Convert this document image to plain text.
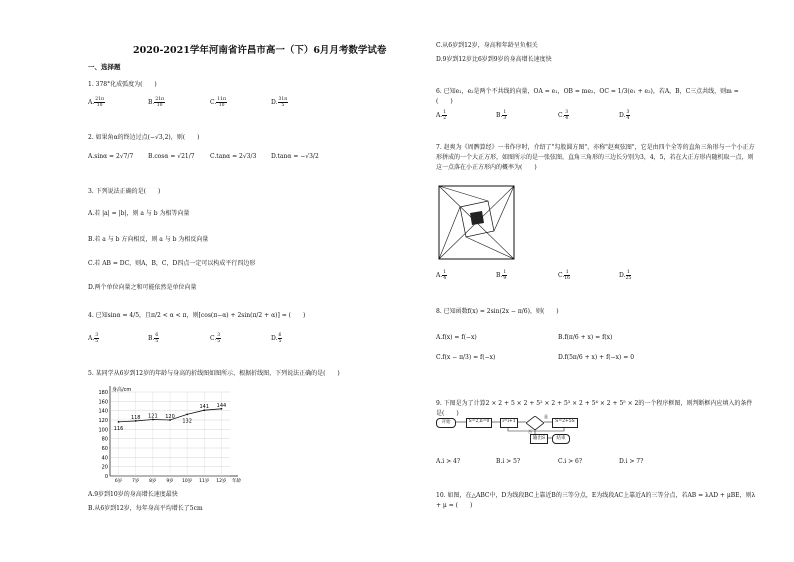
2020-2021学年河南省许昌市高一（下）6月月考数学试卷
一、选择题
1. 378°化成弧度为(　　)
A. $\frac{21\pi}{10}$	B. $\frac{21\pi}{10}$	C. $\frac{11\pi}{10}$	D. $\frac{31\pi}{5}$
2. 如果角α的终边过点(−√3,2)，则(　　)
A.sinα = 2√7/7 B.cosα = √21/7	C.tanα = 2√3/3 D.tanα = −√3/2
3. 下列说法正确的是(　　)
A.若 |a| = |b|，则 a 与 b 为相等向量
B.若 a 与 b 方向相反，则 a 与 b 为相反向量
C.若 AB = DC，则A，B，C，D四点一定可以构成平行四边形
D.两个单位向量之和可能依然是单位向量
4. 已知sinα = 4/5，且π/2 < α < π，则[cos(π−α) + 2sin(π/2 + α)] = (　　)
A. $\frac{3}{5}$	B. $\frac{6}{5}$	C. $\frac{3}{5}$	D. $\frac{6}{5}$
5. 某同学从6岁到12岁的年龄与身高的折线图如图所示，根据折线图，下列说法正确的是(　　)
0
20
40
60
80
100
120
140
160
180
6岁 7岁 8岁 9岁 10岁 11岁 12岁
身高/cm
年龄
116
118 121 120
132
141 144
A.9岁到10岁的身高增长速度最快
B.从6岁到12岁，每年身高平均增长了5cm
C.从6岁到12岁，身高和年龄呈负相关
D.9岁到12岁比6岁到9岁的身高增长速度快
6. 已知e₁，e₂是两个不共线的向量，OA = e₁，OB = me₂，OC = 1/3(e₁ + e₂)，若A，B，C三点共线，则m = (　　)
A. $\frac{1}{2}$	B. $\frac{1}{3}$	C. $\frac{3}{4}$	D. $\frac{3}{4}$
7. 赵爽为《周髀算经》一书作序时，介绍了"勾股圆方图"，亦称"赵爽弦图"，它是由四个全等的直角三角形与一个小正方形拼成的一个大正方形，如图所示的是一张弦图，直角三角形的三边长分别为3，4，5，若在大正方形内随机取一点，则这一点落在小正方形内的概率为(　　)
A. $\frac{1}{4}$	B. $\frac{1}{9}$	C. $\frac{1}{16}$	D. $\frac{1}{25}$
8. 已知函数f(x) = 2sin(2x − π/6)，则(　　)
A.f(x) = f(−x)	B.f(π/6 + x) = f(x)
C.f(x − π/3) = f(−x)	D.f(5π/6 + x) + f(−x) = 0
9. 下图是为了计算2 × 2 + 5 × 2 + 5² × 2 + 5³ × 2 + 5⁴ × 2 + 5⁵ × 2的一个程序框图，则判断框内应填入的条件是(　　)
开始	S=2,n=0	i=i+1	S=2+5S
输出S	结束
是
否
A.i > 4?	B.i > 5?	C.i > 6?	D.i > 7?
10. 如图，在△ABC中，D为线段BC上靠近B的三等分点，E为线段AC上靠近A的三等分点，若AB = λAD + μBE，则λ + μ = (　　)
